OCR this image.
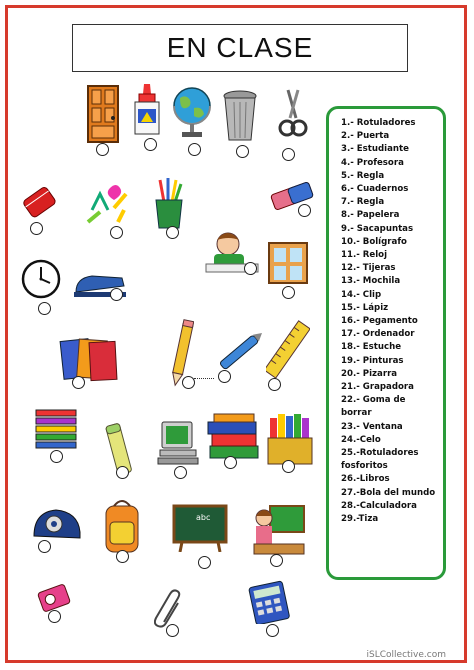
EN CLASE
1.- Rotuladores
2.- Puerta
3.- Estudiante
4.- Profesora
5.- Regla
6.- Cuadernos
7.- Regla
8.- Papelera
9.- Sacapuntas
10.- Bolígrafo
11.- Reloj
12.- Tijeras
13.- Mochila
14.- Clip
15.- Lápiz
16.- Pegamento
17.- Ordenador
18.- Estuche
19.- Pinturas
20.- Pizarra
21.- Grapadora
22.- Goma de borrar
23.- Ventana
24.-Celo
25.-Rotuladores fosforitos
26.-Libros
27.-Bola del mundo
28.-Calculadora
29.-Tiza
abc
iSLCollective.com
